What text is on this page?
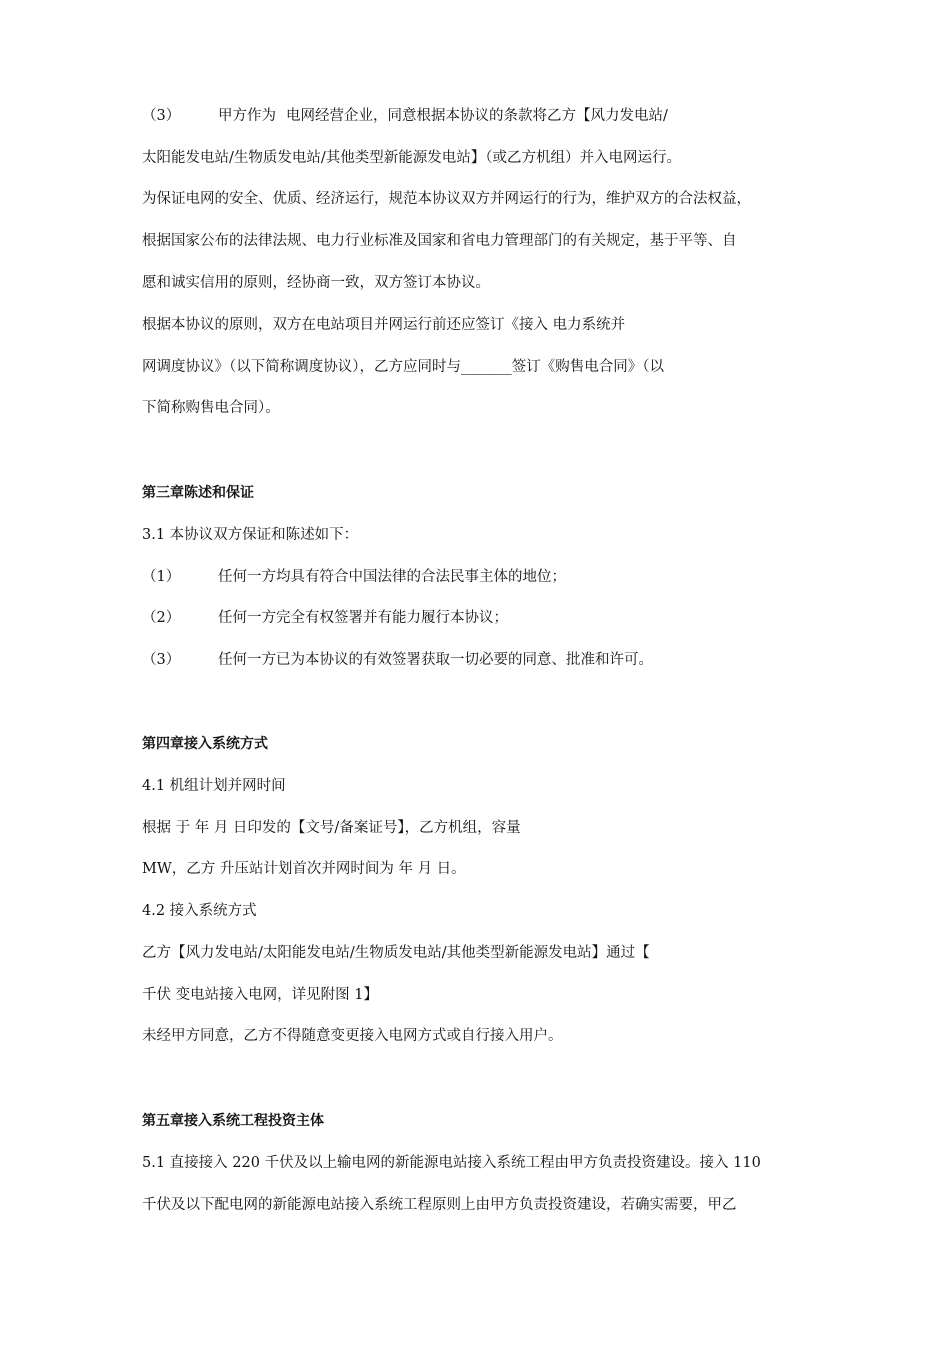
（3）	甲方作为 电网经营企业，同意根据本协议的条款将乙方【风力发电站/
太阳能发电站/生物质发电站/其他类型新能源发电站】（或乙方机组）并入电网运行。
为保证电网的安全、优质、经济运行，规范本协议双方并网运行的行为，维护双方的合法权益，
根据国家公布的法律法规、电力行业标准及国家和省电力管理部门的有关规定，基于平等、自
愿和诚实信用的原则，经协商一致，双方签订本协议。
根据本协议的原则，双方在电站项目并网运行前还应签订《接入 电力系统并
网调度协议》（以下简称调度协议），乙方应同时与_______签订《购售电合同》（以
下简称购售电合同）。
第三章陈述和保证
3.1 本协议双方保证和陈述如下：
（1）	任何一方均具有符合中国法律的合法民事主体的地位；
（2）	任何一方完全有权签署并有能力履行本协议；
（3）	任何一方已为本协议的有效签署获取一切必要的同意、批准和许可。
第四章接入系统方式
4.1 机组计划并网时间
根据 于 年 月 日印发的【文号/备案证号】，乙方机组，容量
MW，乙方 升压站计划首次并网时间为 年 月 日。
4.2 接入系统方式
乙方【风力发电站/太阳能发电站/生物质发电站/其他类型新能源发电站】通过【
千伏 变电站接入电网，详见附图 1】
未经甲方同意，乙方不得随意变更接入电网方式或自行接入用户。
第五章接入系统工程投资主体
5.1 直接接入 220 千伏及以上输电网的新能源电站接入系统工程由甲方负责投资建设。接入 110
千伏及以下配电网的新能源电站接入系统工程原则上由甲方负责投资建设，若确实需要，甲乙
